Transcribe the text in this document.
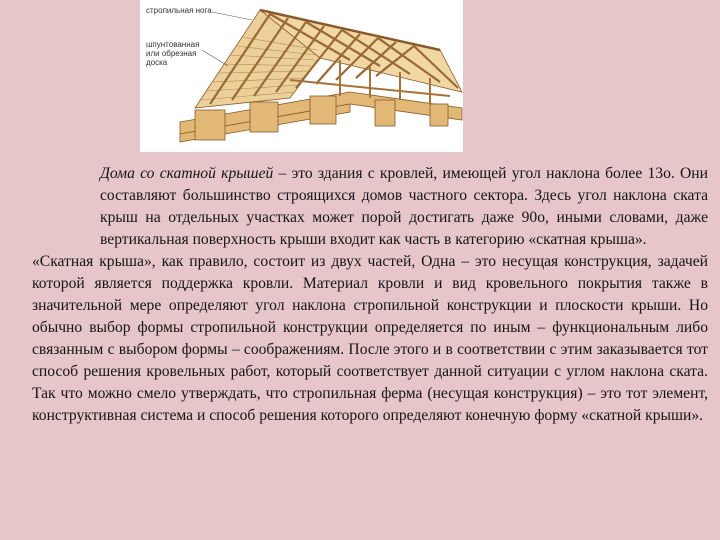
стропильная нога
шпунтованная
или обрезная
доска

Дома со скатной крышей – это здания с кровлей, имеющей угол наклона более 13о. Они составляют большинство строящихся домов частного сектора. Здесь угол наклона ската крыш на отдельных участках может порой достигать даже 90о, иными словами, даже вертикальная поверхность крыши входит как часть в категорию «скатная крыша».

«Скатная крыша», как правило, состоит из двух частей, Одна – это несущая конструкция, задачей которой является поддержка кровли. Материал кровли и вид кровельного покрытия также в значительной мере определяют угол наклона стропильной конструкции и плоскости крыши. Но обычно выбор формы стропильной конструкции определяется по иным – функциональным либо связанным с выбором формы – соображениям. После этого и в соответствии с этим заказывается тот способ решения кровельных работ, который соответствует данной ситуации с углом наклона ската. Так что можно смело утверждать, что стропильная ферма (несущая конструкция) – это тот элемент, конструктивная система и способ решения которого определяют конечную форму «скатной крыши».
